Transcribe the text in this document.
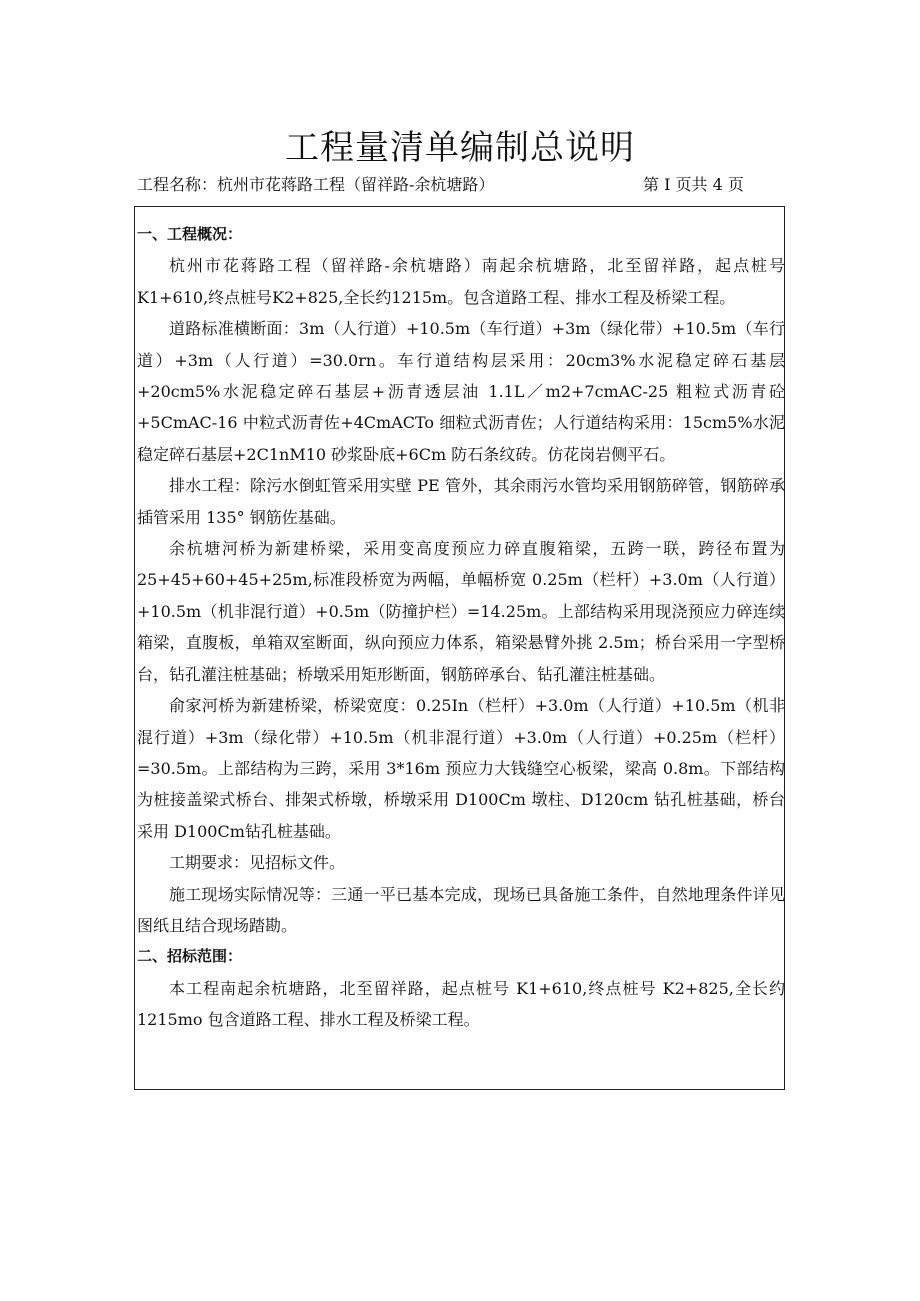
工程量清单编制总说明
工程名称：杭州市花蒋路工程（留祥路-余杭塘路）	第 I 页共 4 页

一、工程概况：

杭州市花蒋路工程（留祥路-余杭塘路）南起余杭塘路，北至留祥路，起点桩号K1+610,终点桩号K2+825,全长约1215m。包含道路工程、排水工程及桥梁工程。

道路标准横断面：3m（人行道）+10.5m（车行道）+3m（绿化带）+10.5m（车行道）+3m（人行道）=30.0rn。车行道结构层采用：20cm3%水泥稳定碎石基层+20cm5%水泥稳定碎石基层+沥青透层油 1.1L／m2+7cmAC-25 粗粒式沥青砼+5CmAC-16 中粒式沥青佐+4CmACTo 细粒式沥青佐；人行道结构采用：15cm5%水泥稳定碎石基层+2C1nM10 砂浆卧底+6Cm 防石条纹砖。仿花岗岩侧平石。

排水工程：除污水倒虹管采用实壁 PE 管外，其余雨污水管均采用钢筋碎管，钢筋碎承插管采用 135° 钢筋佐基础。

余杭塘河桥为新建桥梁，采用变高度预应力碎直腹箱梁，五跨一联，跨径布置为25+45+60+45+25m,标准段桥宽为两幅，单幅桥宽 0.25m（栏杆）+3.0m（人行道）+10.5m（机非混行道）+0.5m（防撞护栏）=14.25m。上部结构采用现浇预应力碎连续箱梁，直腹板，单箱双室断面，纵向预应力体系，箱梁悬臂外挑 2.5m；桥台采用一字型桥台，钻孔灌注桩基础；桥墩采用矩形断面，钢筋碎承台、钻孔灌注桩基础。

俞家河桥为新建桥梁，桥梁宽度：0.25In（栏杆）+3.0m（人行道）+10.5m（机非混行道）+3m（绿化带）+10.5m（机非混行道）+3.0m（人行道）+0.25m（栏杆）=30.5m。上部结构为三跨，采用 3*16m 预应力大钱缝空心板梁，梁高 0.8m。下部结构为桩接盖梁式桥台、排架式桥墩，桥墩采用 D100Cm 墩柱、D120cm 钻孔桩基础，桥台采用 D100Cm钻孔桩基础。

工期要求：见招标文件。

施工现场实际情况等：三通一平已基本完成，现场已具备施工条件，自然地理条件详见图纸且结合现场踏勘。

二、招标范围：

本工程南起余杭塘路，北至留祥路，起点桩号 K1+610,终点桩号 K2+825,全长约1215mo 包含道路工程、排水工程及桥梁工程。
